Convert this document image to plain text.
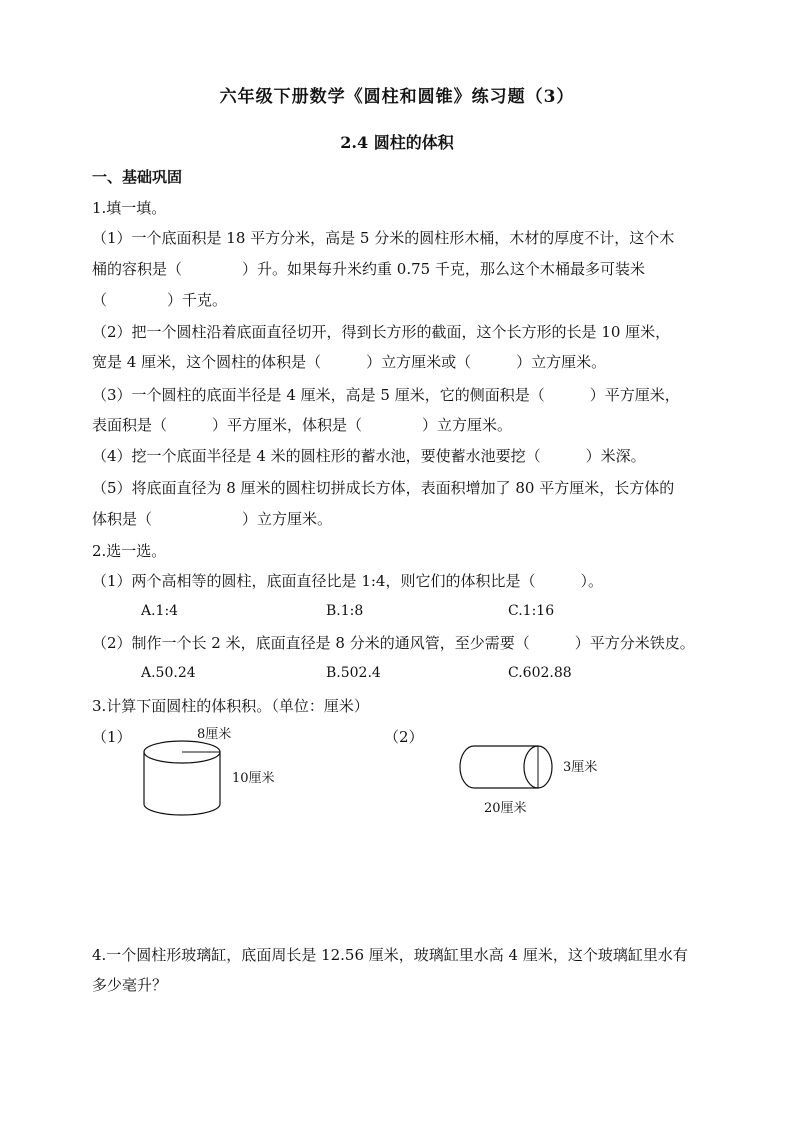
六年级下册数学《圆柱和圆锥》练习题（3）
2.4 圆柱的体积
一、基础巩固
1.填一填。
（1）一个底面积是 18 平方分米，高是 5 分米的圆柱形木桶，木材的厚度不计，这个木
桶的容积是（　　　　）升。如果每升米约重 0.75 千克，那么这个木桶最多可装米
（　　　　）千克。
（2）把一个圆柱沿着底面直径切开，得到长方形的截面，这个长方形的长是 10 厘米，
宽是 4 厘米，这个圆柱的体积是（　　　）立方厘米或（　　　）立方厘米。
（3）一个圆柱的底面半径是 4 厘米，高是 5 厘米，它的侧面积是（　　　）平方厘米，
表面积是（　　　）平方厘米，体积是（　　　　）立方厘米。
（4）挖一个底面半径是 4 米的圆柱形的蓄水池，要使蓄水池要挖（　　　）米深。
（5）将底面直径为 8 厘米的圆柱切拼成长方体，表面积增加了 80 平方厘米，长方体的
体积是（　　　　　　）立方厘米。
2.选一选。
（1）两个高相等的圆柱，底面直径比是 1:4，则它们的体积比是（　　　）。
A.1:4	B.1:8	C.1:16
（2）制作一个长 2 米，底面直径是 8 分米的通风管，至少需要（　　　）平方分米铁皮。
A.50.24	B.502.4	C.602.88
3.计算下面圆柱的体积积。（单位：厘米）
（1）	（2）
8厘米
10厘米
3厘米
20厘米
4.一个圆柱形玻璃缸，底面周长是 12.56 厘米，玻璃缸里水高 4 厘米，这个玻璃缸里水有
多少毫升？
